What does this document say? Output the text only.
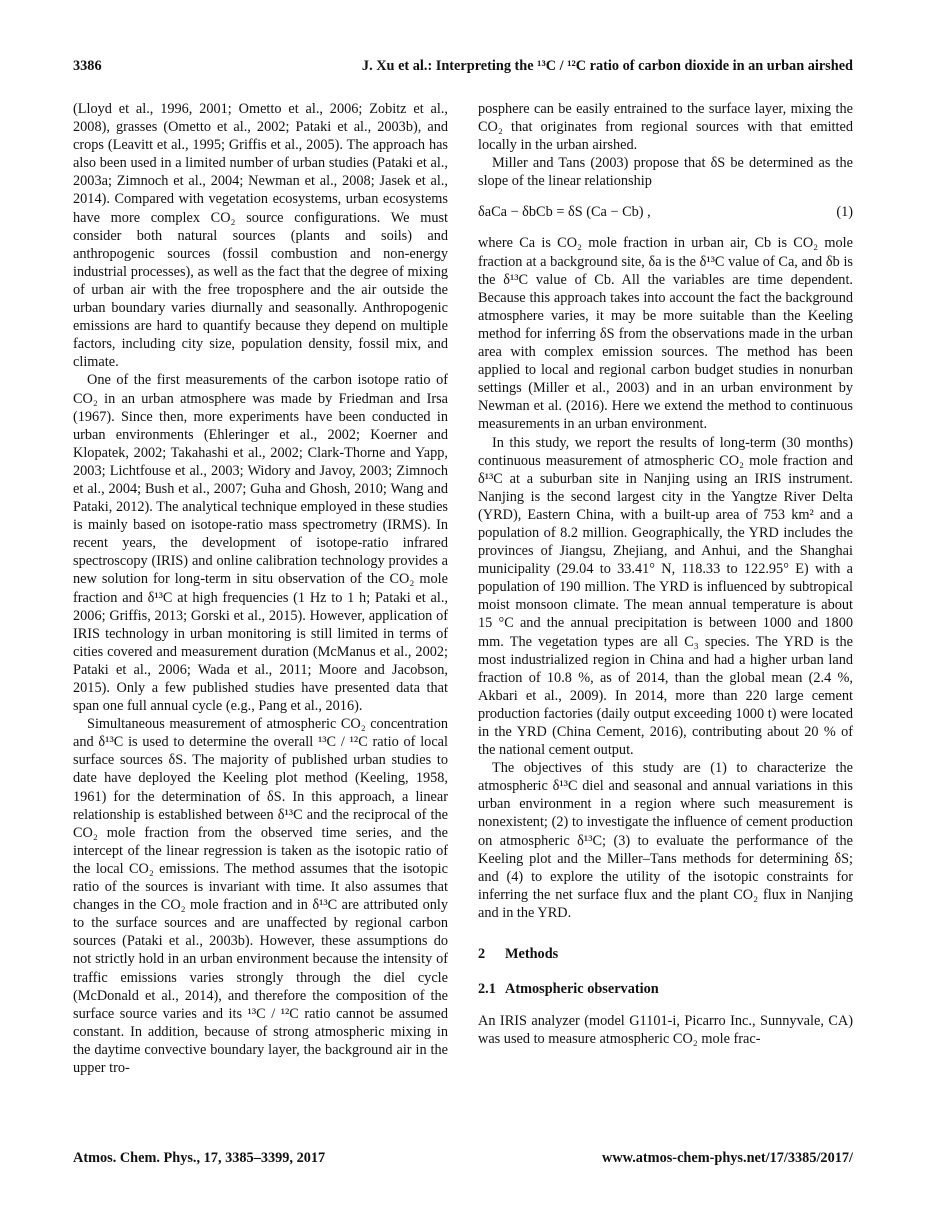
3386	J. Xu et al.: Interpreting the ¹³C / ¹²C ratio of carbon dioxide in an urban airshed

(Lloyd et al., 1996, 2001; Ometto et al., 2006; Zobitz et al., 2008), grasses (Ometto et al., 2002; Pataki et al., 2003b), and crops (Leavitt et al., 1995; Griffis et al., 2005). The approach has also been used in a limited number of urban studies (Pataki et al., 2003a; Zimnoch et al., 2004; Newman et al., 2008; Jasek et al., 2014). Compared with vegetation ecosystems, urban ecosystems have more complex CO₂ source configurations. We must consider both natural sources (plants and soils) and anthropogenic sources (fossil combustion and non-energy industrial processes), as well as the fact that the degree of mixing of urban air with the free troposphere and the air outside the urban boundary varies diurnally and seasonally. Anthropogenic emissions are hard to quantify because they depend on multiple factors, including city size, population density, fossil mix, and climate.

One of the first measurements of the carbon isotope ratio of CO₂ in an urban atmosphere was made by Friedman and Irsa (1967). Since then, more experiments have been conducted in urban environments (Ehleringer et al., 2002; Koerner and Klopatek, 2002; Takahashi et al., 2002; Clark-Thorne and Yapp, 2003; Lichtfouse et al., 2003; Widory and Javoy, 2003; Zimnoch et al., 2004; Bush et al., 2007; Guha and Ghosh, 2010; Wang and Pataki, 2012). The analytical technique employed in these studies is mainly based on isotope-ratio mass spectrometry (IRMS). In recent years, the development of isotope-ratio infrared spectroscopy (IRIS) and online calibration technology provides a new solution for long-term in situ observation of the CO₂ mole fraction and δ¹³C at high frequencies (1 Hz to 1 h; Pataki et al., 2006; Griffis, 2013; Gorski et al., 2015). However, application of IRIS technology in urban monitoring is still limited in terms of cities covered and measurement duration (McManus et al., 2002; Pataki et al., 2006; Wada et al., 2011; Moore and Jacobson, 2015). Only a few published studies have presented data that span one full annual cycle (e.g., Pang et al., 2016).

Simultaneous measurement of atmospheric CO₂ concentration and δ¹³C is used to determine the overall ¹³C / ¹²C ratio of local surface sources δS. The majority of published urban studies to date have deployed the Keeling plot method (Keeling, 1958, 1961) for the determination of δS. In this approach, a linear relationship is established between δ¹³C and the reciprocal of the CO₂ mole fraction from the observed time series, and the intercept of the linear regression is taken as the isotopic ratio of the local CO₂ emissions. The method assumes that the isotopic ratio of the sources is invariant with time. It also assumes that changes in the CO₂ mole fraction and in δ¹³C are attributed only to the surface sources and are unaffected by regional carbon sources (Pataki et al., 2003b). However, these assumptions do not strictly hold in an urban environment because the intensity of traffic emissions varies strongly through the diel cycle (McDonald et al., 2014), and therefore the composition of the surface source varies and its ¹³C / ¹²C ratio cannot be assumed constant. In addition, because of strong atmospheric mixing in the daytime convective boundary layer, the background air in the upper tro-

posphere can be easily entrained to the surface layer, mixing the CO₂ that originates from regional sources with that emitted locally in the urban airshed.

Miller and Tans (2003) propose that δS be determined as the slope of the linear relationship

δaCa − δbCb = δS (Ca − Cb) ,	(1)

where Ca is CO₂ mole fraction in urban air, Cb is CO₂ mole fraction at a background site, δa is the δ¹³C value of Ca, and δb is the δ¹³C value of Cb. All the variables are time dependent. Because this approach takes into account the fact the background atmosphere varies, it may be more suitable than the Keeling method for inferring δS from the observations made in the urban area with complex emission sources. The method has been applied to local and regional carbon budget studies in nonurban settings (Miller et al., 2003) and in an urban environment by Newman et al. (2016). Here we extend the method to continuous measurements in an urban environment.

In this study, we report the results of long-term (30 months) continuous measurement of atmospheric CO₂ mole fraction and δ¹³C at a suburban site in Nanjing using an IRIS instrument. Nanjing is the second largest city in the Yangtze River Delta (YRD), Eastern China, with a built-up area of 753 km² and a population of 8.2 million. Geographically, the YRD includes the provinces of Jiangsu, Zhejiang, and Anhui, and the Shanghai municipality (29.04 to 33.41° N, 118.33 to 122.95° E) with a population of 190 million. The YRD is influenced by subtropical moist monsoon climate. The mean annual temperature is about 15 °C and the annual precipitation is between 1000 and 1800 mm. The vegetation types are all C₃ species. The YRD is the most industrialized region in China and had a higher urban land fraction of 10.8 %, as of 2014, than the global mean (2.4 %, Akbari et al., 2009). In 2014, more than 220 large cement production factories (daily output exceeding 1000 t) were located in the YRD (China Cement, 2016), contributing about 20 % of the national cement output.

The objectives of this study are (1) to characterize the atmospheric δ¹³C diel and seasonal and annual variations in this urban environment in a region where such measurement is nonexistent; (2) to investigate the influence of cement production on atmospheric δ¹³C; (3) to evaluate the performance of the Keeling plot and the Miller–Tans methods for determining δS; and (4) to explore the utility of the isotopic constraints for inferring the net surface flux and the plant CO₂ flux in Nanjing and in the YRD.

2 Methods
2.1 Atmospheric observation

An IRIS analyzer (model G1101-i, Picarro Inc., Sunnyvale, CA) was used to measure atmospheric CO₂ mole frac-

Atmos. Chem. Phys., 17, 3385–3399, 2017	www.atmos-chem-phys.net/17/3385/2017/
